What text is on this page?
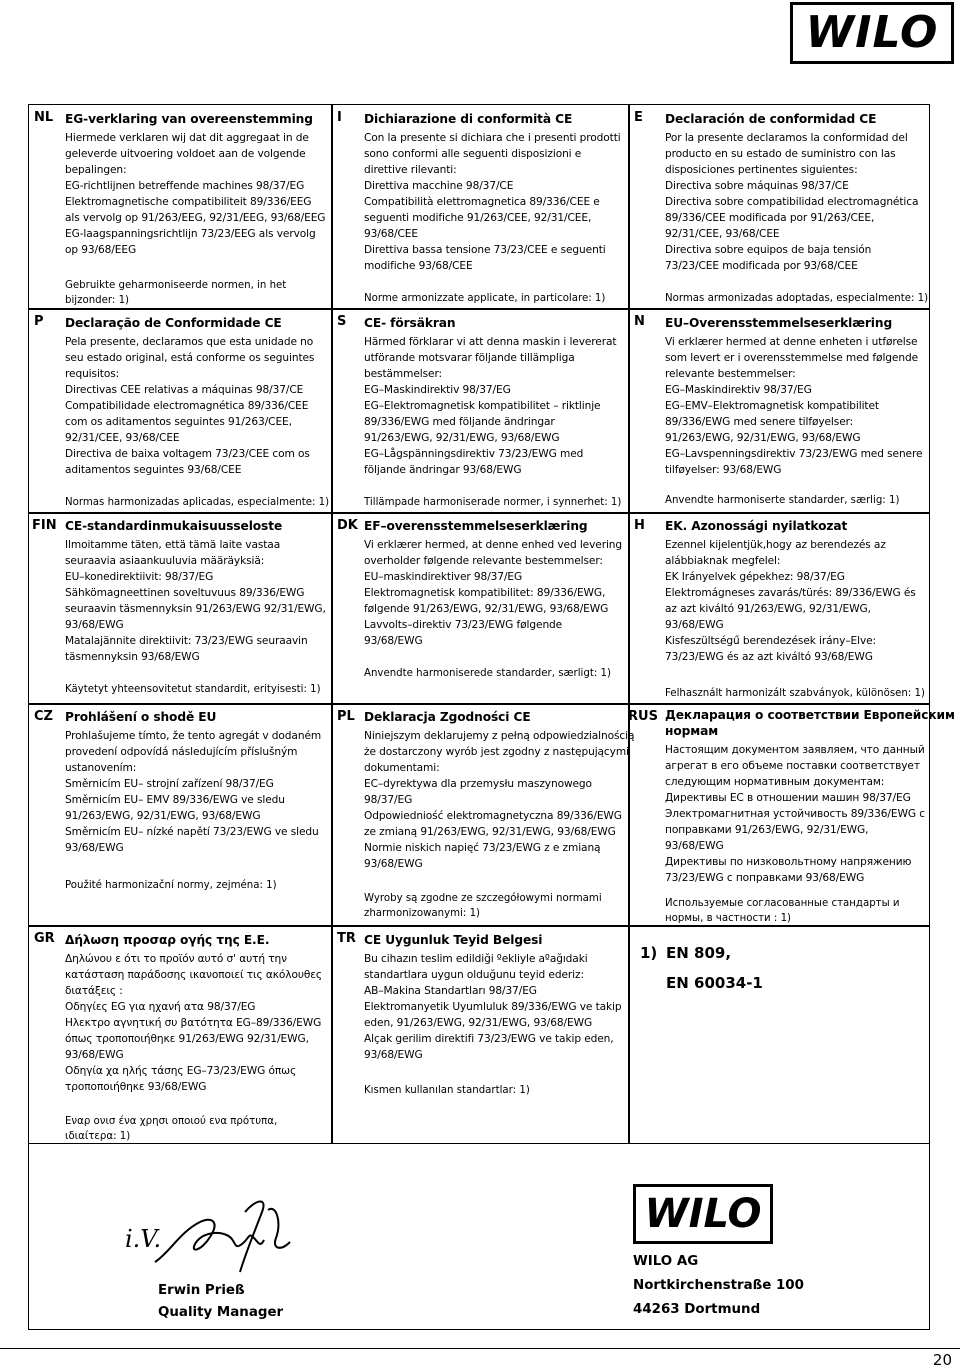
WILO
NL EG-verklaring van overeenstemming
Hiermede verklaren wij dat dit aggregaat in de
geleverde uitvoering voldoet aan de volgende
bepalingen:
EG-richtlijnen betreffende machines 98/37/EG
Elektromagnetische compatibiliteit 89/336/EEG
als vervolg op 91/263/EEG, 92/31/EEG, 93/68/EEG
EG-laagspanningsrichtlijn 73/23/EEG als vervolg
op 93/68/EEG
Gebruikte geharmoniseerde normen, in het
bijzonder: 1)
I Dichiarazione di conformità CE
Con la presente si dichiara che i presenti prodotti
sono conformi alle seguenti disposizioni e
direttive rilevanti:
Direttiva macchine 98/37/CE
Compatibilità elettromagnetica 89/336/CEE e
seguenti modifiche 91/263/CEE, 92/31/CEE,
93/68/CEE
Direttiva bassa tensione 73/23/CEE e seguenti
modifiche 93/68/CEE
Norme armonizzate applicate, in particolare: 1)
E Declaración de conformidad CE
Por la presente declaramos la conformidad del
producto en su estado de suministro con las
disposiciones pertinentes siguientes:
Directiva sobre máquinas 98/37/CE
Directiva sobre compatibilidad electromagnética
89/336/CEE modificada por 91/263/CEE,
92/31/CEE, 93/68/CEE
Directiva sobre equipos de baja tensión
73/23/CEE modificada por 93/68/CEE
Normas armonizadas adoptadas, especialmente: 1)
P Declaração de Conformidade CE
Pela presente, declaramos que esta unidade no
seu estado original, está conforme os seguintes
requisitos:
Directivas CEE relativas a máquinas 98/37/CE
Compatibilidade electromagnética 89/336/CEE
com os aditamentos seguintes 91/263/CEE,
92/31/CEE, 93/68/CEE
Directiva de baixa voltagem 73/23/CEE com os
aditamentos seguintes 93/68/CEE
Normas harmonizadas aplicadas, especialmente: 1)
S CE- försäkran
Härmed förklarar vi att denna maskin i levererat
utförande motsvarar följande tillämpliga
bestämmelser:
EG–Maskindirektiv 98/37/EG
EG–Elektromagnetisk kompatibilitet – riktlinje
89/336/EWG med följande ändringar
91/263/EWG, 92/31/EWG, 93/68/EWG
EG–Lågspänningsdirektiv 73/23/EWG med
följande ändringar 93/68/EWG
Tillämpade harmoniserade normer, i synnerhet: 1)
N EU–Overensstemmelseserklæring
Vi erklærer hermed at denne enheten i utførelse
som levert er i overensstemmelse med følgende
relevante bestemmelser:
EG–Maskindirektiv 98/37/EG
EG–EMV–Elektromagnetisk kompatibilitet
89/336/EWG med senere tilføyelser:
91/263/EWG, 92/31/EWG, 93/68/EWG
EG–Lavspenningsdirektiv 73/23/EWG med senere
tilføyelser: 93/68/EWG
Anvendte harmoniserte standarder, særlig: 1)
FIN CE-standardinmukaisuusseloste
Ilmoitamme täten, että tämä laite vastaa
seuraavia asiaankuuluvia määräyksiä:
EU–konedirektiivit: 98/37/EG
Sähkömagneettinen soveltuvuus 89/336/EWG
seuraavin täsmennyksin 91/263/EWG 92/31/EWG,
93/68/EWG
Matalajännite direktiivit: 73/23/EWG seuraavin
täsmennyksin 93/68/EWG
Käytetyt yhteensovitetut standardit, erityisesti: 1)
DK EF–overensstemmelseserklæring
Vi erklærer hermed, at denne enhed ved levering
overholder følgende relevante bestemmelser:
EU–maskindirektiver 98/37/EG
Elektromagnetisk kompatibilitet: 89/336/EWG,
følgende 91/263/EWG, 92/31/EWG, 93/68/EWG
Lavvolts–direktiv 73/23/EWG følgende
93/68/EWG
Anvendte harmoniserede standarder, særligt: 1)
H EK. Azonossági nyilatkozat
Ezennel kijelentjük,hogy az berendezés az
alábbiaknak megfelel:
EK Irányelvek gépekhez: 98/37/EG
Elektromágneses zavarás/türés: 89/336/EWG és
az azt kiváltó 91/263/EWG, 92/31/EWG,
93/68/EWG
Kisfeszültségű berendezések irány–Elve:
73/23/EWG és az azt kiváltó 93/68/EWG
Felhasznált harmonizált szabványok, különösen: 1)
CZ Prohlášení o shodě EU
Prohlašujeme tímto, že tento agregát v dodaném
provedení odpovídá následujícím příslušným
ustanovením:
Směrnicím EU– strojní zařízení 98/37/EG
Směrnicím EU– EMV 89/336/EWG ve sledu
91/263/EWG, 92/31/EWG, 93/68/EWG
Směrnicím EU– nízké napětí 73/23/EWG ve sledu
93/68/EWG
Použité harmonizační normy, zejména: 1)
PL Deklaracja Zgodności CE
Niniejszym deklarujemy z pełną odpowiedzialnością
że dostarczony wyrób jest zgodny z następującymi
dokumentami:
EC–dyrektywa dla przemysłu maszynowego
98/37/EG
Odpowiedniość elektromagnetyczna 89/336/EWG
ze zmianą 91/263/EWG, 92/31/EWG, 93/68/EWG
Normie niskich napięć 73/23/EWG z e zmianą
93/68/EWG
Wyroby są zgodne ze szczegółowymi normami
zharmonizowanymi: 1)
RUS Декларация о соответствии Европейским
нормам
Настоящим документом заявляем, что данный
агрегат в его объеме поставки соответствует
следующим нормативным документам:
Директивы ЕС в отношении машин 98/37/EG
Электромагнитная устойчивость 89/336/EWG с
поправками 91/263/EWG, 92/31/EWG,
93/68/EWG
Директивы по низковольтному напряжению
73/23/EWG с поправками 93/68/EWG
Используемые согласованные стандарты и
нормы, в частности : 1)
GR Δήλωση προσαρ ογής της Ε.Ε.
Δηλώνου ε ότι το προϊόν αυτό σ' αυτή την
κατάσταση παράδοσης ικανοποιεί τις ακόλουθες
διατάξεις :
Οδηγίες EG για ηχανή ατα 98/37/EG
Ηλεκτρο αγνητική συ βατότητα EG–89/336/EWG
όπως τροποποιήθηκε 91/263/EWG 92/31/EWG,
93/68/EWG
Οδηγία χα ηλής τάσης EG–73/23/EWG όπως
τροποποιήθηκε 93/68/EWG
Εναρ ονισ ένα χρησι οποιού ενα πρότυπα,
ιδιαίτερα: 1)
TR CE Uygunluk Teyid Belgesi
Bu cihazın teslim edildiği ºekliyle aºağıdaki
standartlara uygun olduğunu teyid ederiz:
AB–Makina Standartları 98/37/EG
Elektromanyetik Uyumluluk 89/336/EWG ve takip
eden, 91/263/EWG, 92/31/EWG, 93/68/EWG
Alçak gerilim direktifi 73/23/EWG ve takip eden,
93/68/EWG
Kısmen kullanılan standartlar: 1)
1) EN 809,
EN 60034-1
i.V.
Erwin Prieß
Quality Manager
WILO
WILO AG
Nortkirchenstraße 100
44263 Dortmund
20
